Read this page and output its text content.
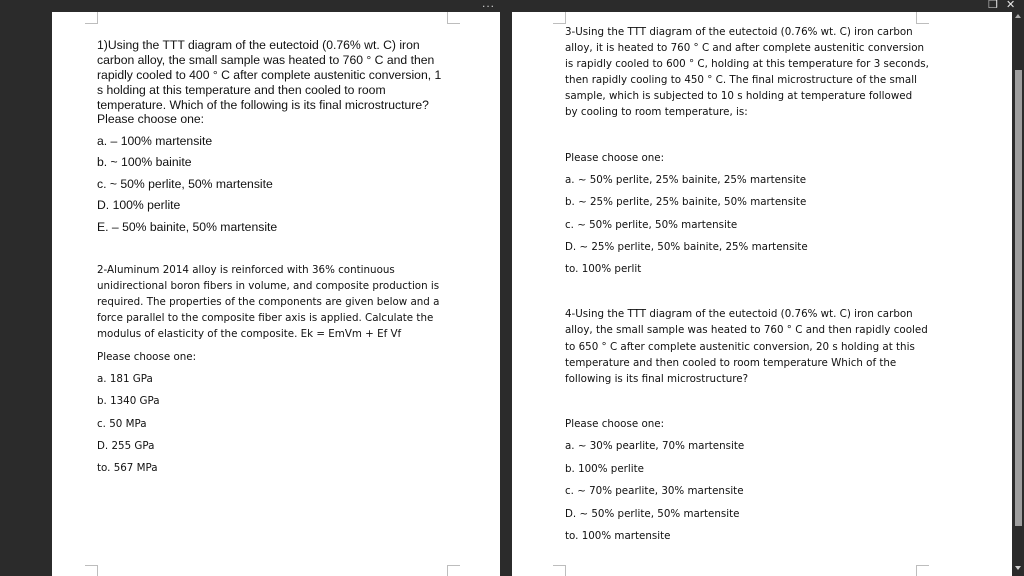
...	❐ ✕
1)Using the TTT diagram of the eutectoid (0.76% wt. C) iron
carbon alloy, the small sample was heated to 760 ° C and then
rapidly cooled to 400 ° C after complete austenitic conversion, 1
s holding at this temperature and then cooled to room
temperature. Which of the following is its final microstructure?
Please choose one:
a. – 100% martensite
b. ~ 100% bainite
c. ~ 50% perlite, 50% martensite
D. 100% perlite
E. – 50% bainite, 50% martensite
2-Aluminum 2014 alloy is reinforced with 36% continuous
unidirectional boron fibers in volume, and composite production is
required. The properties of the components are given below and a
force parallel to the composite fiber axis is applied. Calculate the
modulus of elasticity of the composite. Ek = EmVm + Ef Vf
Please choose one:
a. 181 GPa
b. 1340 GPa
c. 50 MPa
D. 255 GPa
to. 567 MPa
3-Using the TTT diagram of the eutectoid (0.76% wt. C) iron carbon
alloy, it is heated to 760 ° C and after complete austenitic conversion
is rapidly cooled to 600 ° C, holding at this temperature for 3 seconds,
then rapidly cooling to 450 ° C. The final microstructure of the small
sample, which is subjected to 10 s holding at temperature followed
by cooling to room temperature, is:
Please choose one:
a. ~ 50% perlite, 25% bainite, 25% martensite
b. ~ 25% perlite, 25% bainite, 50% martensite
c. ~ 50% perlite, 50% martensite
D. ~ 25% perlite, 50% bainite, 25% martensite
to. 100% perlit
4-Using the TTT diagram of the eutectoid (0.76% wt. C) iron carbon
alloy, the small sample was heated to 760 ° C and then rapidly cooled
to 650 ° C after complete austenitic conversion, 20 s holding at this
temperature and then cooled to room temperature Which of the
following is its final microstructure?
Please choose one:
a. ~ 30% pearlite, 70% martensite
b. 100% perlite
c. ~ 70% pearlite, 30% martensite
D. ~ 50% perlite, 50% martensite
to. 100% martensite
